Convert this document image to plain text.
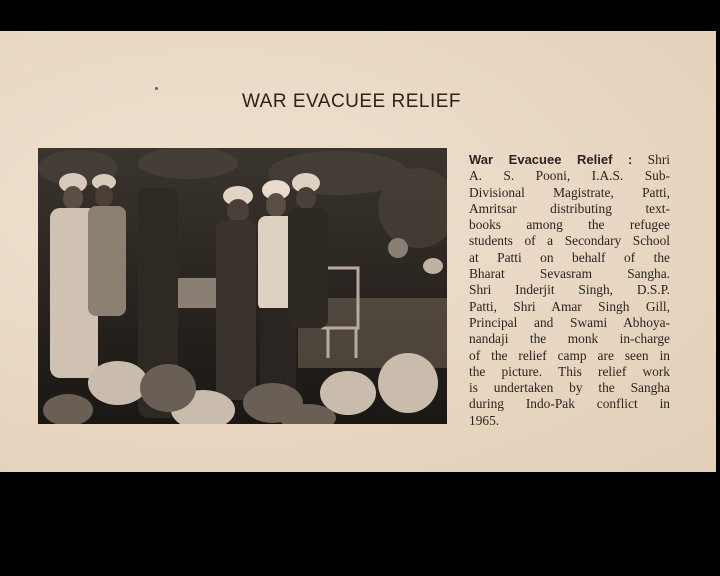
WAR EVACUEE RELIEF
War Evacuee Relief : Shri
A. S. Pooni, I.A.S. Sub-
Divisional Magistrate, Patti,
Amritsar distributing text-
books among the refugee
students of a Secondary School
at Patti on behalf of the
Bharat Sevasram Sangha.
Shri Inderjit Singh, D.S.P.
Patti, Shri Amar Singh Gill,
Principal and Swami Abhoya-
nandaji the monk in-charge
of the relief camp are seen in
the picture. This relief work
is undertaken by the Sangha
during Indo-Pak conflict in
1965.
